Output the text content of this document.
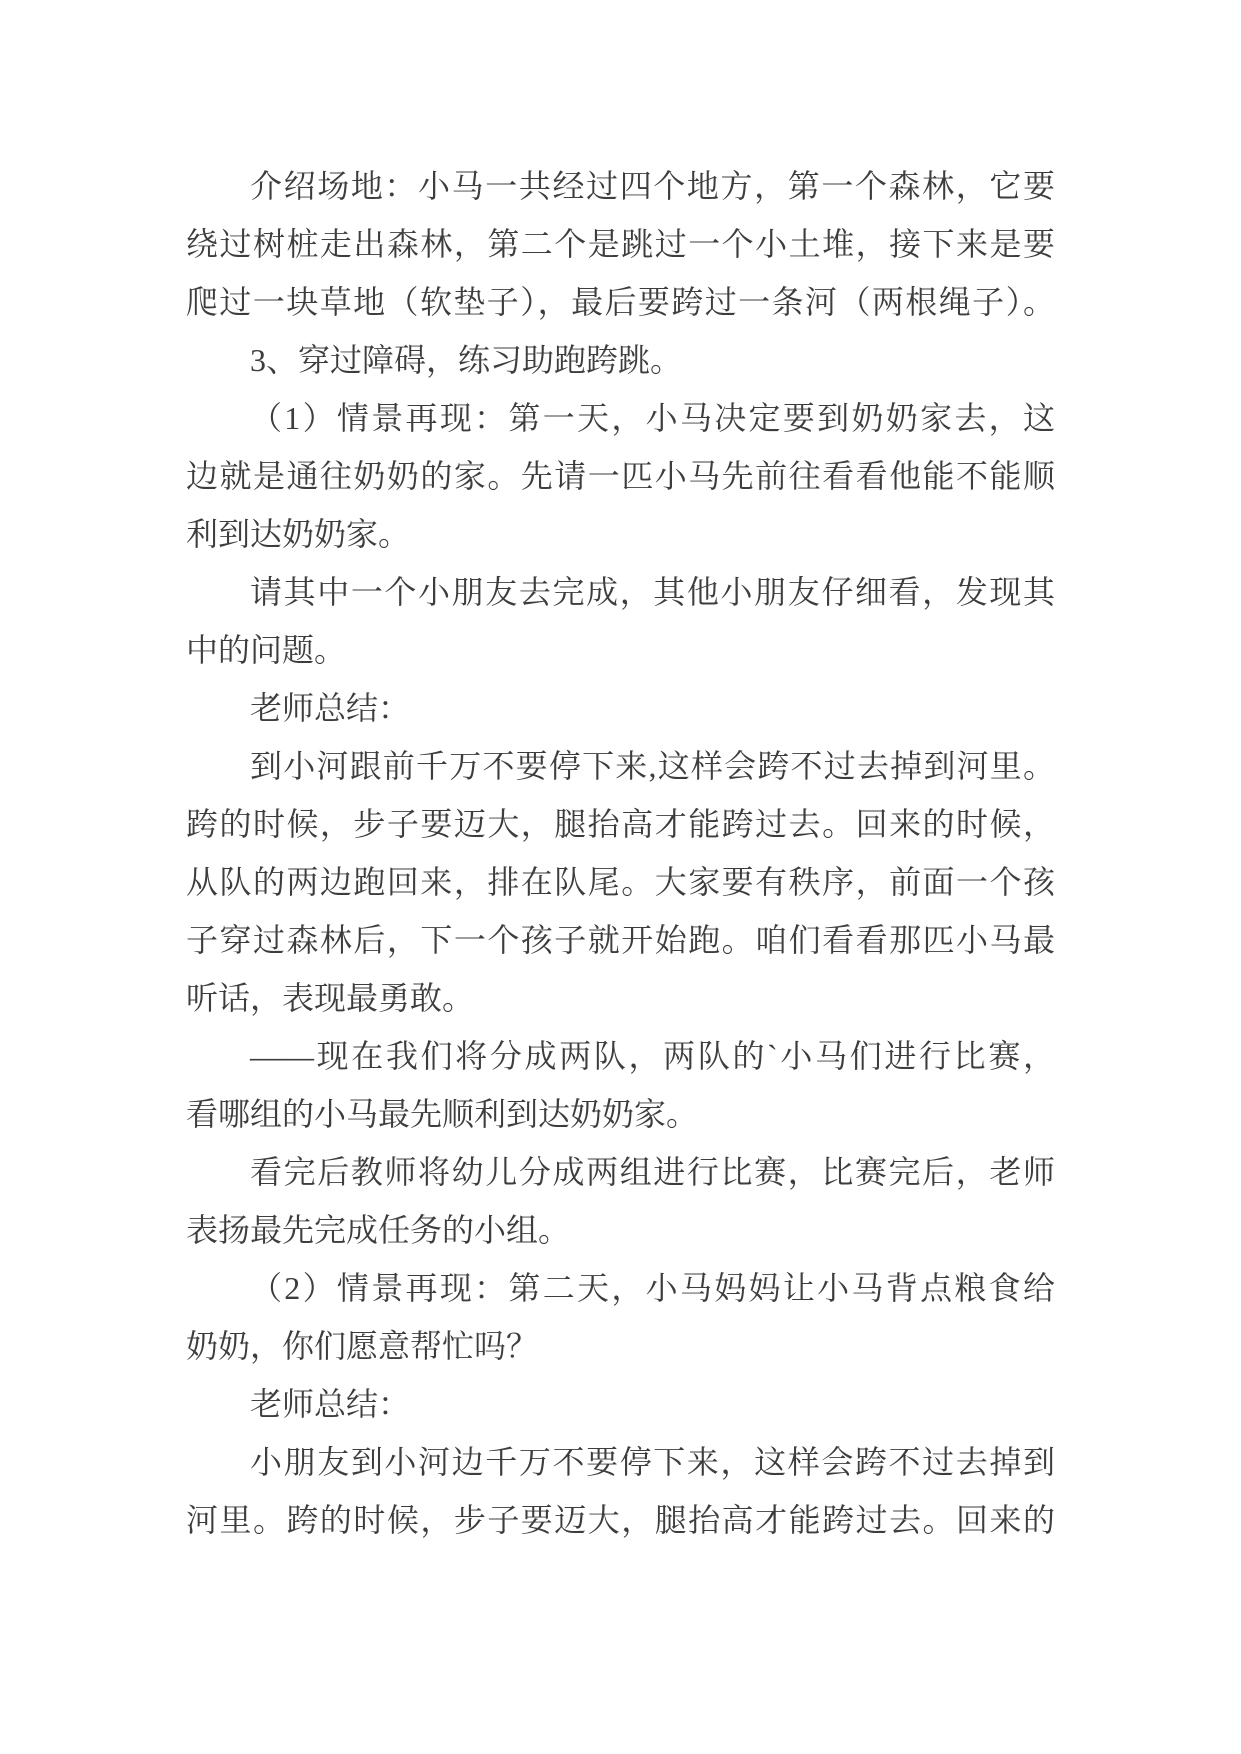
介绍场地：小马一共经过四个地方，第一个森林，它要
绕过树桩走出森林，第二个是跳过一个小土堆，接下来是要
爬过一块草地（软垫子），最后要跨过一条河（两根绳子）。
3、穿过障碍，练习助跑跨跳。
（1）情景再现：第一天，小马决定要到奶奶家去，这
边就是通往奶奶的家。先请一匹小马先前往看看他能不能顺
利到达奶奶家。
请其中一个小朋友去完成，其他小朋友仔细看，发现其
中的问题。
老师总结：
到小河跟前千万不要停下来,这样会跨不过去掉到河里。
跨的时候，步子要迈大，腿抬高才能跨过去。回来的时候，
从队的两边跑回来，排在队尾。大家要有秩序，前面一个孩
子穿过森林后，下一个孩子就开始跑。咱们看看那匹小马最
听话，表现最勇敢。
——现在我们将分成两队，两队的`小马们进行比赛，
看哪组的小马最先顺利到达奶奶家。
看完后教师将幼儿分成两组进行比赛，比赛完后，老师
表扬最先完成任务的小组。
（2）情景再现：第二天，小马妈妈让小马背点粮食给
奶奶，你们愿意帮忙吗？
老师总结：
小朋友到小河边千万不要停下来，这样会跨不过去掉到
河里。跨的时候，步子要迈大，腿抬高才能跨过去。回来的
